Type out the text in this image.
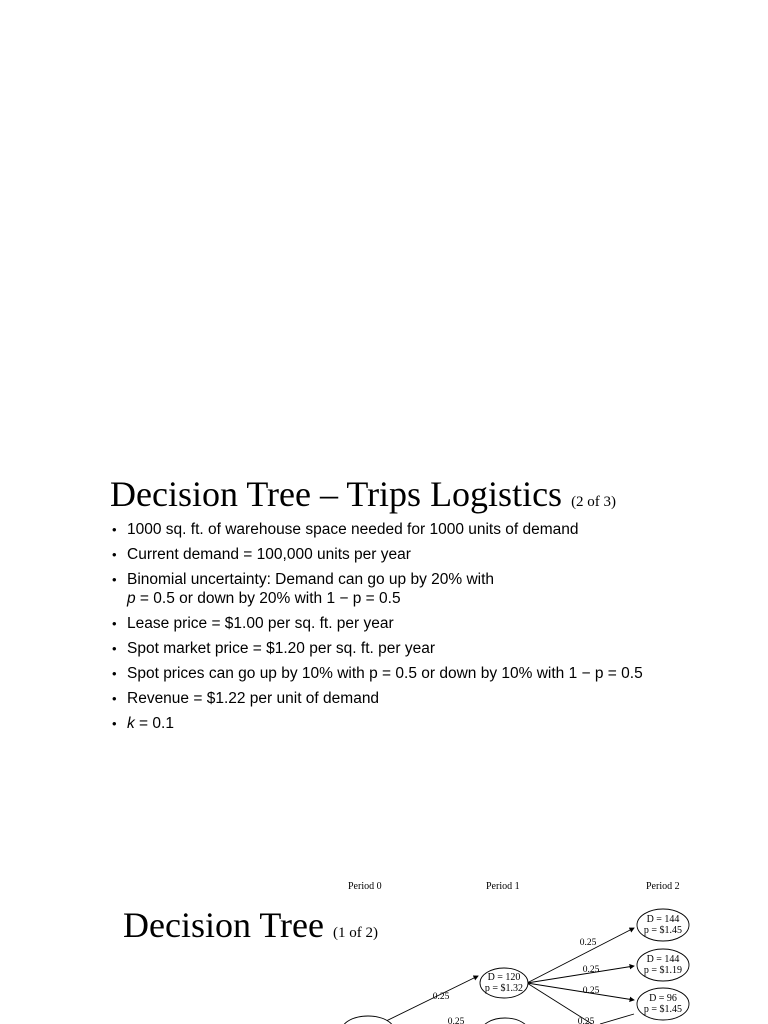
Decision Tree – Trips Logistics (2 of 3)
• 1000 sq. ft. of warehouse space needed for 1000 units of demand
• Current demand = 100,000 units per year
• Binomial uncertainty: Demand can go up by 20% with
p = 0.5 or down by 20% with 1 − p = 0.5
• Lease price = $1.00 per sq. ft. per year
• Spot market price = $1.20 per sq. ft. per year
• Spot prices can go up by 10% with p = 0.5 or down by 10% with 1 − p = 0.5
• Revenue = $1.22 per unit of demand
• k = 0.1
Period 0	Period 1	Period 2
Decision Tree (1 of 2)
0.25
0.25
0.25
0.25
0.25
0.25
D = 120
p = $1.32
D = 144
p = $1.45
D = 144
p = $1.19
D = 96
p = $1.45
